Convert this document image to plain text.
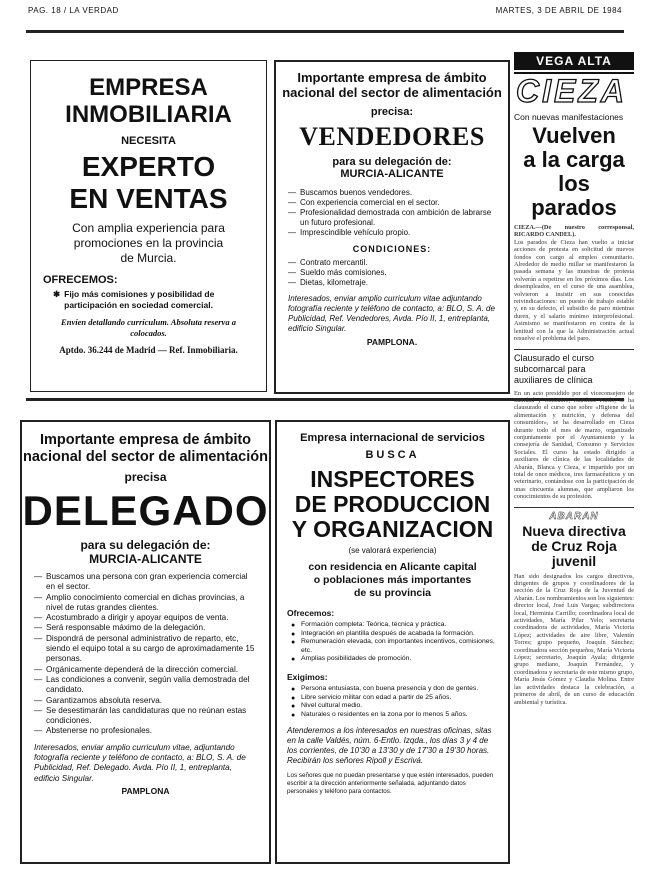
PAG. 18 / LA VERDAD	MARTES, 3 DE ABRIL DE 1984
EMPRESA
INMOBILIARIA
NECESITA
EXPERTO
EN VENTAS
Con amplia experiencia para
promociones en la provincia
de Murcia.
OFRECEMOS:
✱ Fijo más comisiones y posibilidad de participación en sociedad comercial.
Envíen detallando currículum. Absoluta reserva a colocados.
Aptdo. 36.244 de Madrid — Ref. Inmobiliaria.
Importante empresa de ámbito
nacional del sector de alimentación
precisa:
VENDEDORES
para su delegación de:
MURCIA-ALICANTE
— Buscamos buenos vendedores.
— Con experiencia comercial en el sector.
— Profesionalidad demostrada con ambición de labrarse un futuro profesional.
— Imprescindible vehículo propio.
CONDICIONES:
— Contrato mercantil.
— Sueldo más comisiones.
— Dietas, kilometraje.
Interesados, enviar amplio curriculum vitae adjuntando fotografía reciente y teléfono de contacto, a: BLO, S. A. de Publicidad, Ref. Vendedores, Avda. Pío II, 1, entreplanta, edificio Singular.
PAMPLONA.
Importante empresa de ámbito
nacional del sector de alimentación
precisa
DELEGADO
para su delegación de:
MURCIA-ALICANTE
— Buscamos una persona con gran experiencia comercial en el sector.
— Amplio conocimiento comercial en dichas provincias, a nivel de rutas grandes clientes.
— Acostumbrado a dirigir y apoyar equipos de venta.
— Será responsable máximo de la delegación.
— Dispondrá de personal administrativo de reparto, etc, siendo el equipo total a su cargo de aproximadamente 15 personas.
— Orgánicamente dependerá de la dirección comercial.
— Las condiciones a convenir, según valía demostrada del candidato.
— Garantizamos absoluta reserva.
— Se desestimarán las candidaturas que no reúnan estas condiciones.
— Abstenerse no profesionales.
Interesados, enviar amplio curriculum vitae, adjuntando fotografía reciente y teléfono de contacto, a: BLO, S. A. de Publicidad, Ref. Delegado. Avda. Pío II, 1, entreplanta, edificio Singular.
PAMPLONA
Empresa internacional de servicios
BUSCA
INSPECTORES
DE PRODUCCION
Y ORGANIZACION
(se valorará experiencia)
con residencia en Alicante capital
o poblaciones más importantes
de su provincia
Ofrecemos:
● Formación completa: Teórica, técnica y práctica.
● Integración en plantilla después de acabada la formación.
● Remuneración elevada, con importantes incentivos, comisiones, etc.
● Amplias posibilidades de promoción.
Exigimos:
● Persona entusiasta, con buena presencia y don de gentes.
● Libre servicio militar con edad a partir de 25 años.
● Nivel cultural medio.
● Naturales o residentes en la zona por lo menos 5 años.
Atenderemos a los interesados en nuestras oficinas, sitas en la calle Valdés, núm. 6-Entlo. Izqda., los días 3 y 4 de los corrientes, de 10'30 a 13'30 y de 17'30 a 19'30 horas. Recibirán los señores Ripoll y Escrivá.
Los señores que no puedan presentarse y que estén interesados, pueden escribir a la dirección anteriormente señalada, adjuntando datos personales y teléfono para contactos.
VEGA ALTA
CIEZA
Con nuevas manifestaciones
Vuelven
a la carga
los parados
CIEZA.—(De nuestro corresponsal, RICARDO CANDEL).
Los parados de Cieza han vuelto a iniciar acciones de protesta en solicitud de nuevos fondos con cargo al empleo comunitario. Alrededor de medio millar se manifestaron la pasada semana y las muestras de protesta volverán a repetirse en los próximos días. Los desempleados, en el curso de una asamblea, volvieron a insistir en sus conocidas reivindicaciones: un puesto de trabajo estable y, en su defecto, el subsidio de paro mientras duren, y el salario mínimo interprofesional. Asimismo se manifestaron en contra de la lentitud con la que la Administración actual resuelve el problema del paro.
Clausurado el curso
subcomarcal para
auxiliares de clínica
En un acto presidido por el viceconsejero de Sanidad y Consumo, Martínez Pardo, se ha clausurado el curso que sobre «Higiene de la alimentación y nutrición, y defensa del consumidor», se ha desarrollado en Cieza durante todo el mes de marzo, organizado conjuntamente por el Ayuntamiento y la consejería de Sanidad, Consumo y Servicios Sociales. El curso ha estado dirigido a auxiliares de clínica de las localidades de Abarán, Blanca y Cieza, e impartido por un total de once médicos, tres farmacéuticos y un veterinario, contándose con la participación de unas cincuenta alumnas, que ampliaron los conocimientos de su profesión.
ABARAN
Nueva directiva
de Cruz Roja
juvenil
Han sido designados los cargos directivos, dirigentes de grupos y coordinadores de la sección de la Cruz Roja de la Juventud de Abarán. Los nombramientos son los siguientes: director local, José Luis Vargas; subdirectora local, Herminia Carrillo; coordinadora local de actividades, María Pilar Yelo; secretaria coordinadora de actividades, María Victoria López; actividades de aire libre, Valentín Torres; grupo pequeño, Joaquín Sánchez; coordinadora sección pequeños, María Victoria López; secretario, Joaquín Ayala; dirigente grupo mediano, Joaquín Fernández, y coordinadora y secretaria de este mismo grupo, María Jesús Gómez y Claudia Molina. Entre las actividades destaca la celebración, a primeros de abril, de un curso de educación ambiental y turística.
